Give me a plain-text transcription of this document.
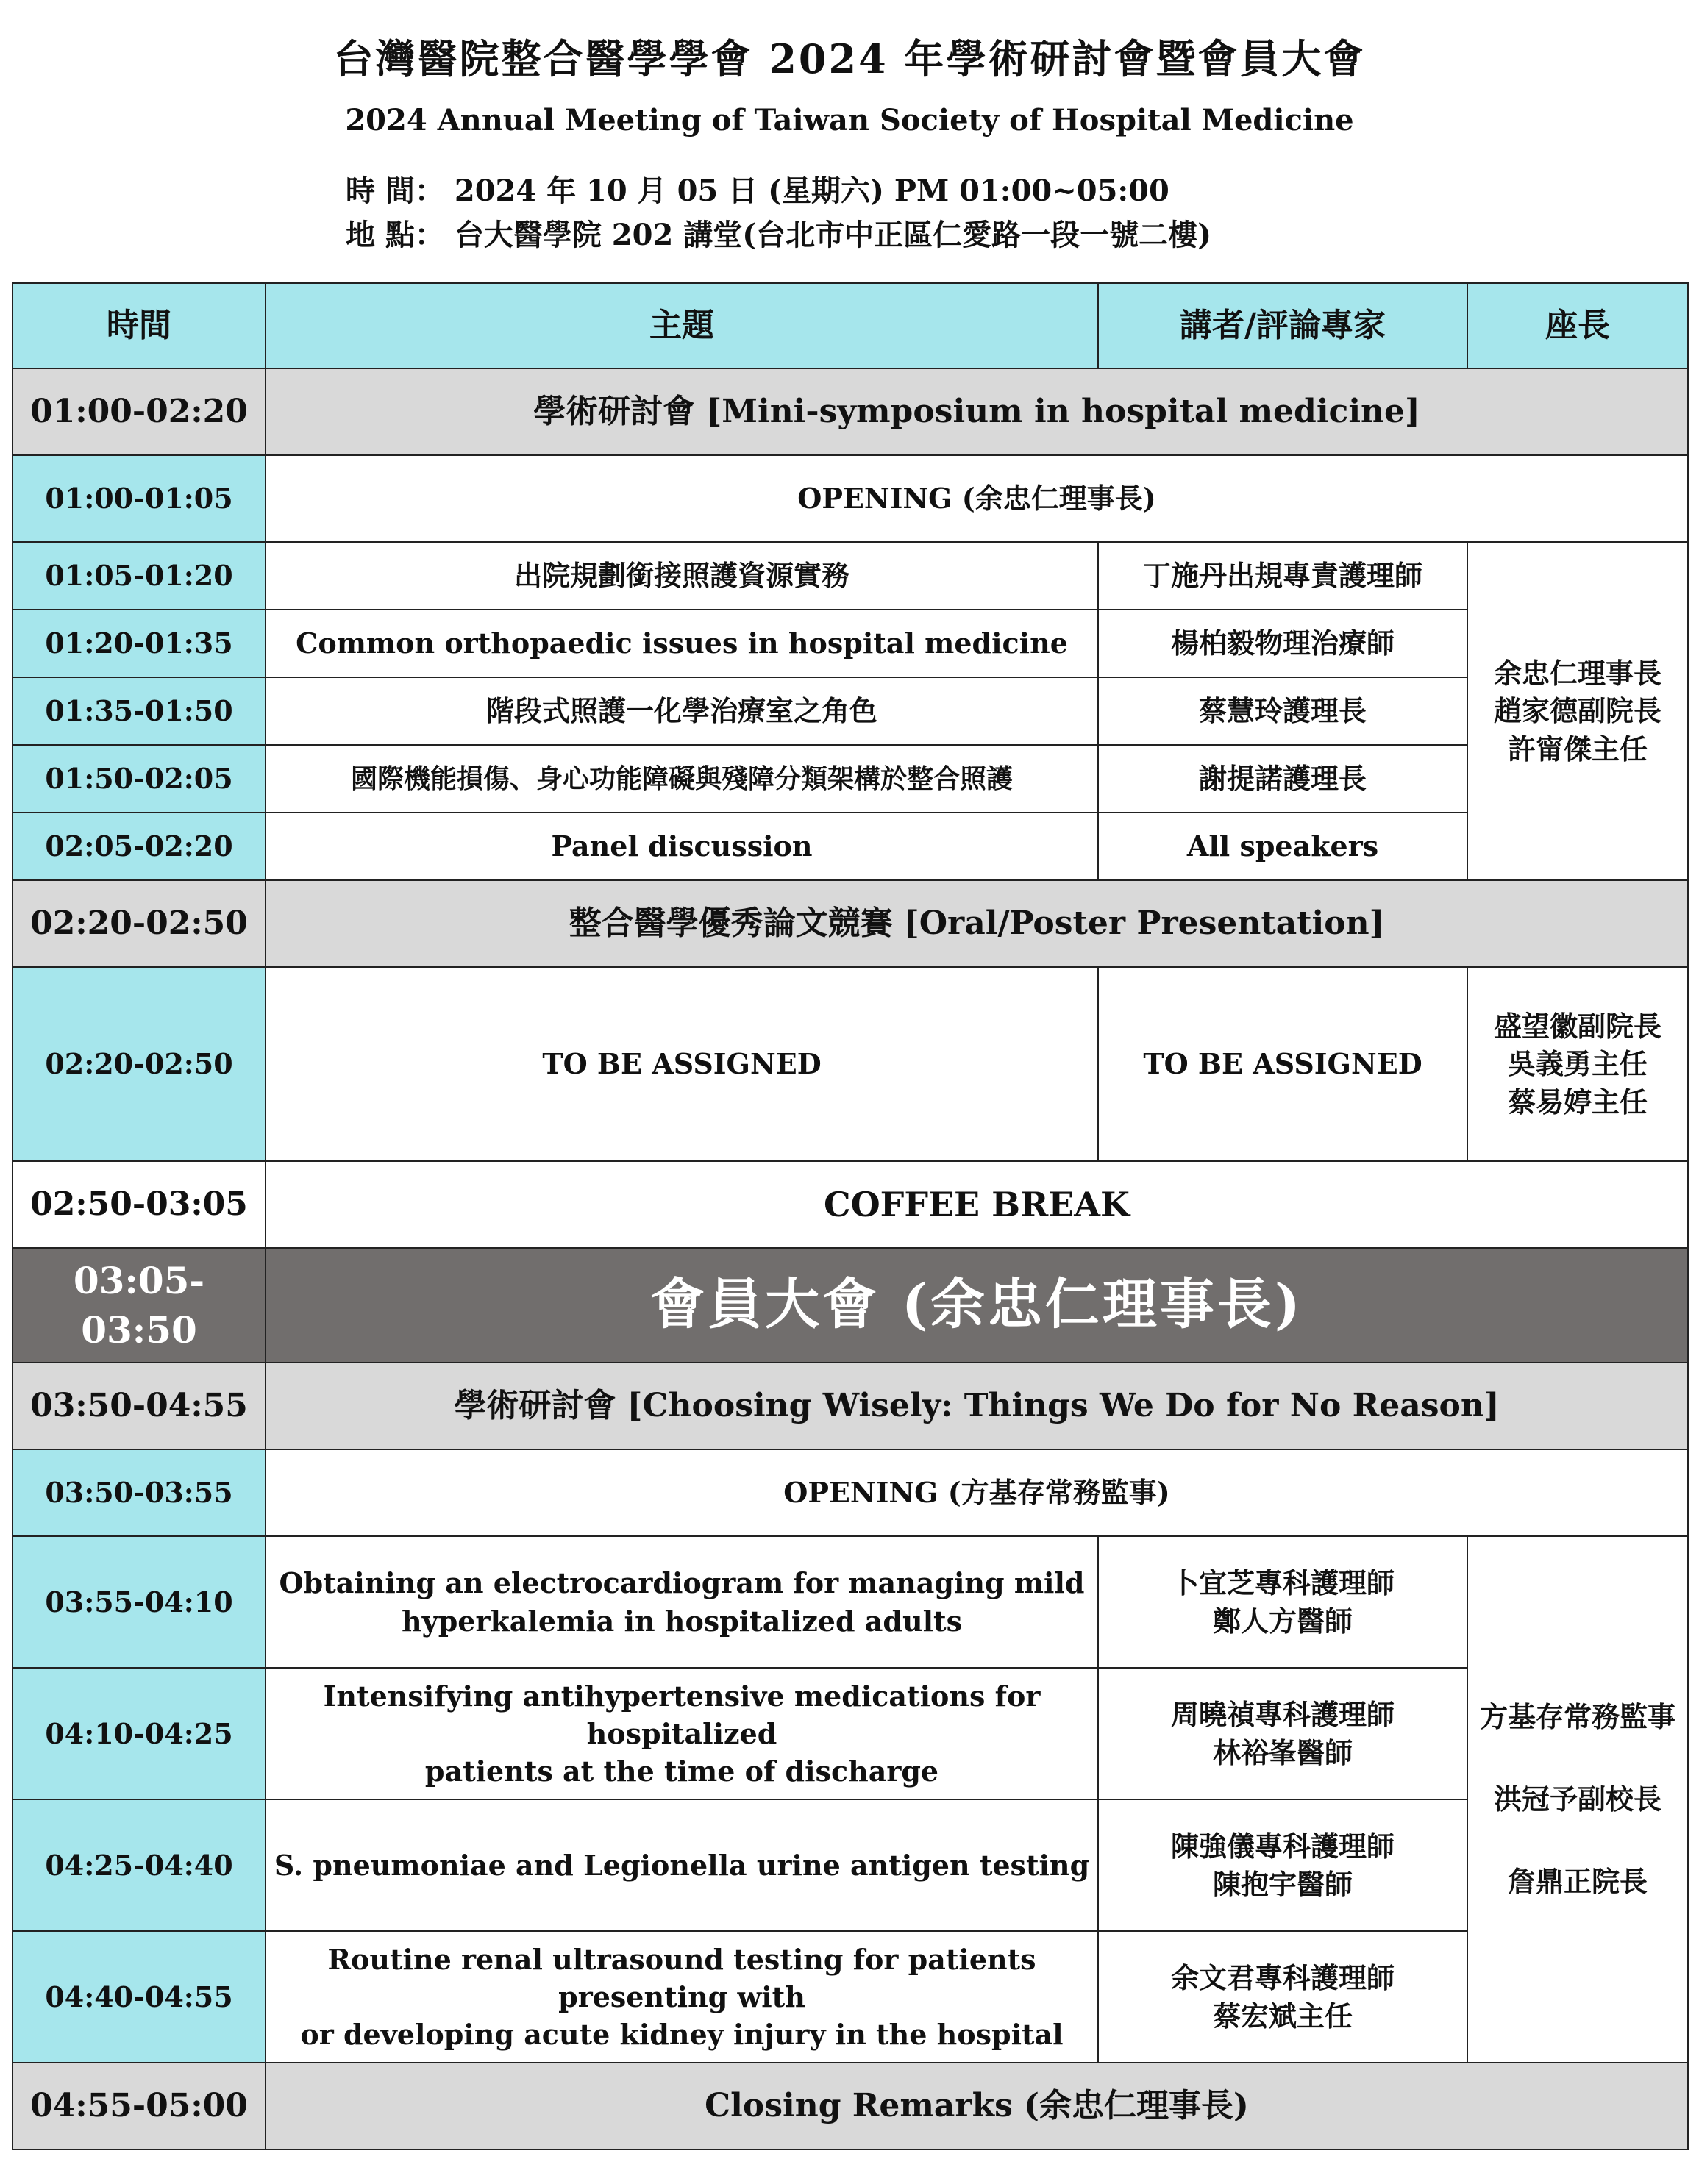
台灣醫院整合醫學學會 2024 年學術研討會暨會員大會
2024 Annual Meeting of Taiwan Society of Hospital Medicine
時 間： 2024 年 10 月 05 日 (星期六) PM 01:00~05:00
地 點： 台大醫學院 202 講堂(台北市中正區仁愛路一段一號二樓)
時間	主題	講者/評論專家	座長
01:00-02:20	學術研討會 [Mini-symposium in hospital medicine]		
01:00-01:05	OPENING (余忠仁理事長)		
01:05-01:20	出院規劃銜接照護資源實務	丁施丹出規專責護理師	余忠仁理事長
趙家德副院長
許甯傑主任

01:20-01:35	Common orthopaedic issues in hospital medicine	楊柏毅物理治療師	
01:35-01:50	階段式照護一化學治療室之角色	蔡慧玲護理長	
01:50-02:05	國際機能損傷、身心功能障礙與殘障分類架構於整合照護	謝提諾護理長	
02:05-02:20	Panel discussion	All speakers	
02:20-02:50	整合醫學優秀論文競賽 [Oral/Poster Presentation]		
02:20-02:50	TO BE ASSIGNED	TO BE ASSIGNED	盛望徽副院長
吳義勇主任
蔡易婷主任

02:50-03:05	COFFEE BREAK		
03:05-03:50	會員大會 (余忠仁理事長)		
03:50-04:55	學術研討會 [Choosing Wisely: Things We Do for No Reason]		
03:50-03:55	OPENING (方基存常務監事)		
03:55-04:10	Obtaining an electrocardiogram for managing mild
hyperkalemia in hospitalized adults	卜宜芝專科護理師
鄭人方醫師	方基存常務監事
洪冠予副校長
詹鼎正院長

04:10-04:25	Intensifying antihypertensive medications for hospitalized
patients at the time of discharge	周曉禎專科護理師
林裕峯醫師	

04:25-04:40	S. pneumoniae and Legionella urine antigen testing	陳強儀專科護理師
陳抱宇醫師	

04:40-04:55	Routine renal ultrasound testing for patients presenting with
or developing acute kidney injury in the hospital	余文君專科護理師
蔡宏斌主任	

04:55-05:00	Closing Remarks (余忠仁理事長)		
